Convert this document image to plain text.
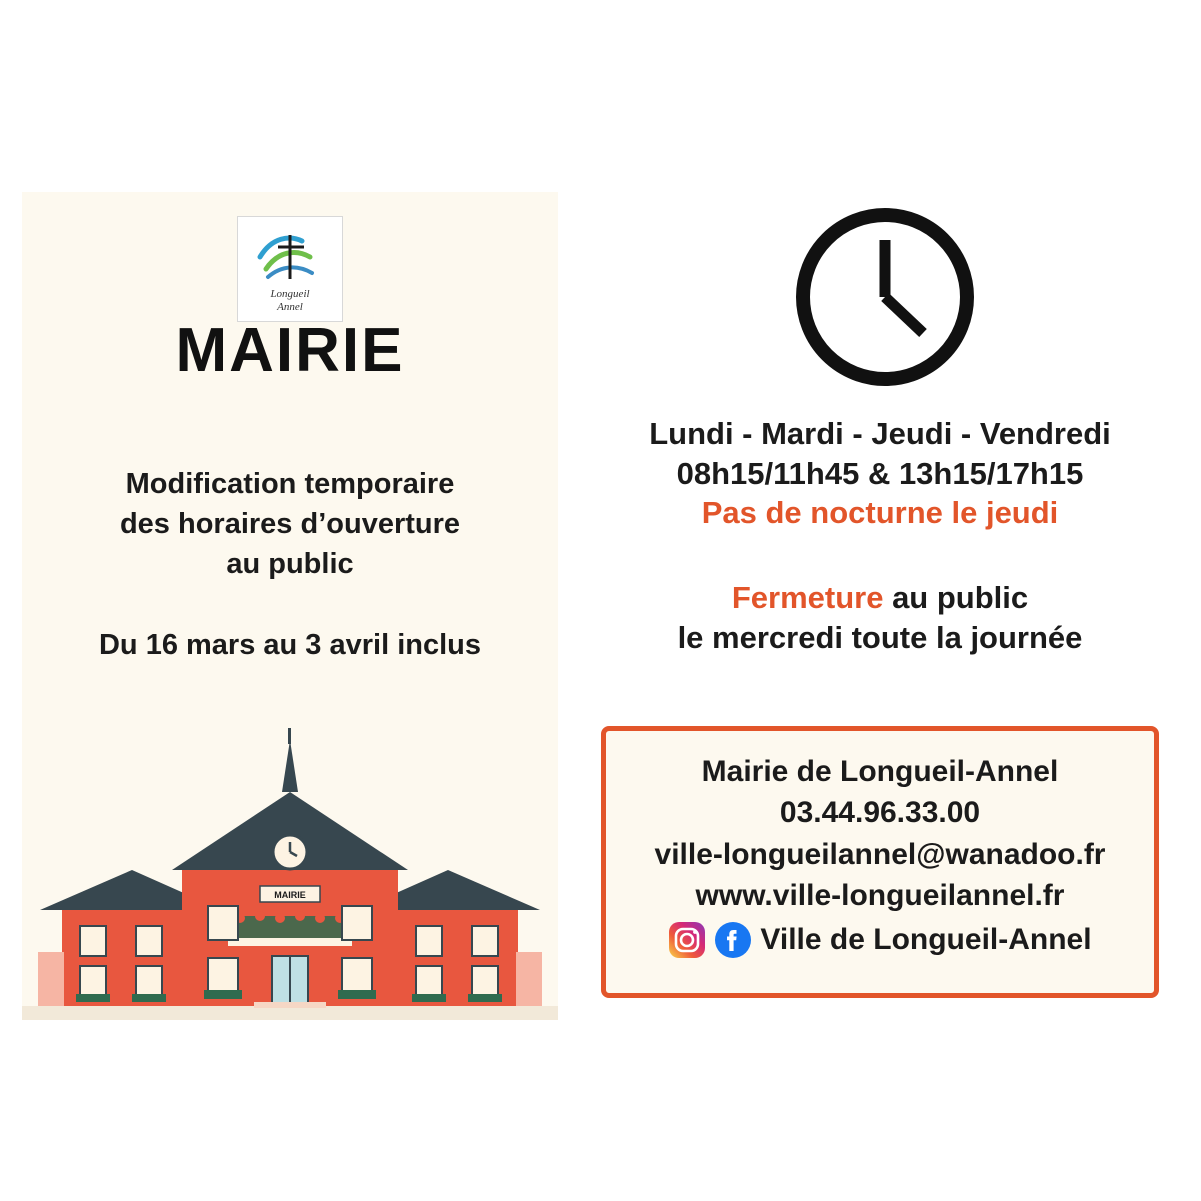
Longueil
Annel
MAIRIE
Modification temporaire
des horaires d’ouverture
au public
Du 16 mars au 3 avril inclus
MAIRIE
Lundi - Mardi - Jeudi - Vendredi
08h15/11h45 & 13h15/17h15
Pas de nocturne le jeudi
Fermeture au public
le mercredi toute la journée
Mairie de Longueil-Annel
03.44.96.33.00
ville-longueilannel@wanadoo.fr
www.ville-longueilannel.fr
Ville de Longueil-Annel
